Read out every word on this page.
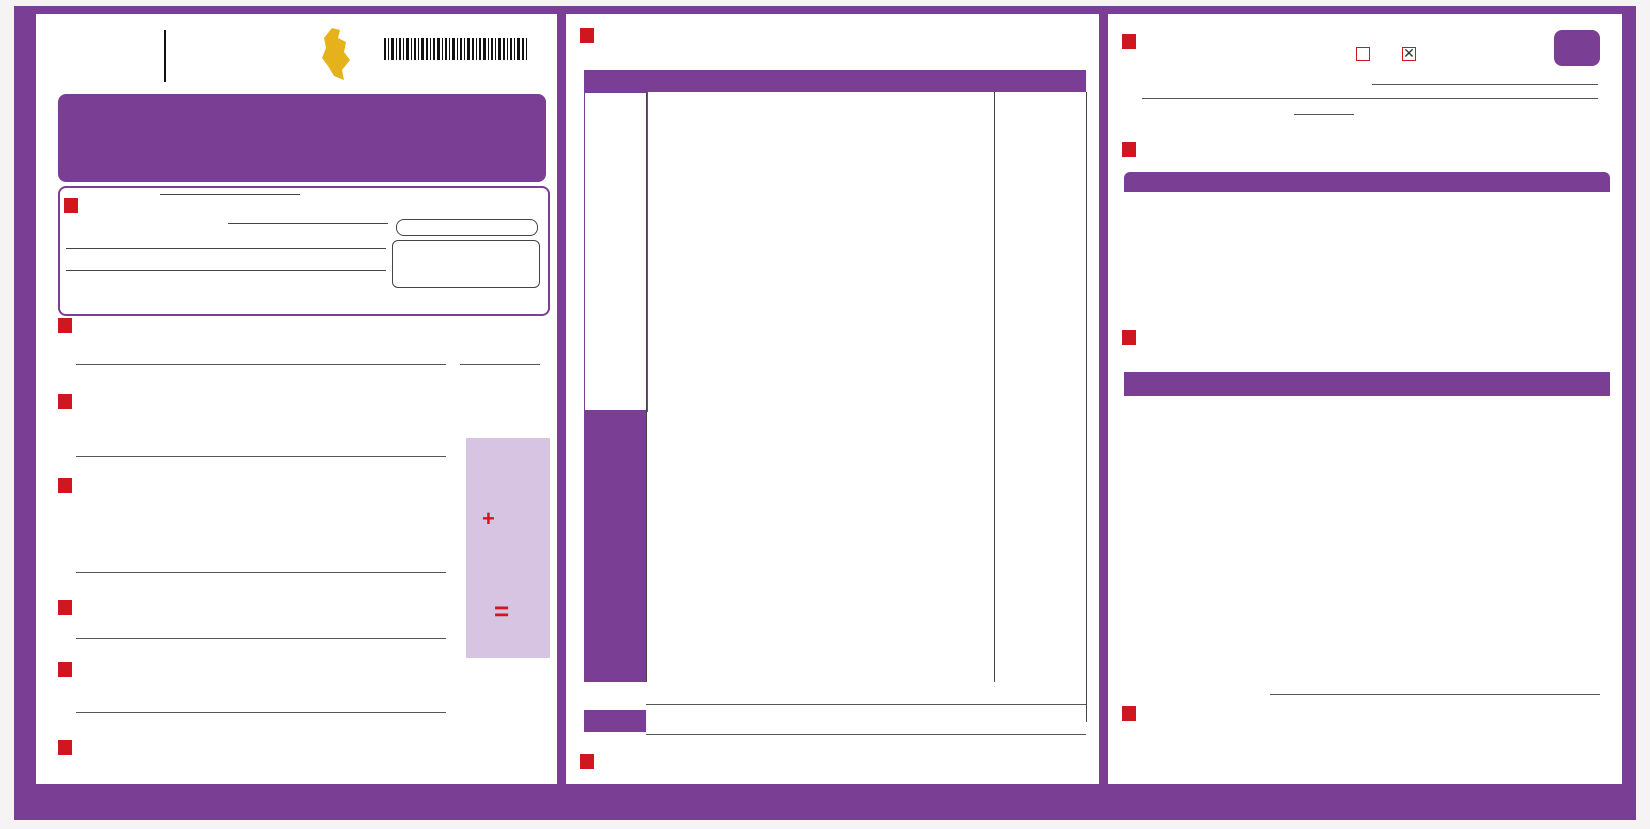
+
=
✕
